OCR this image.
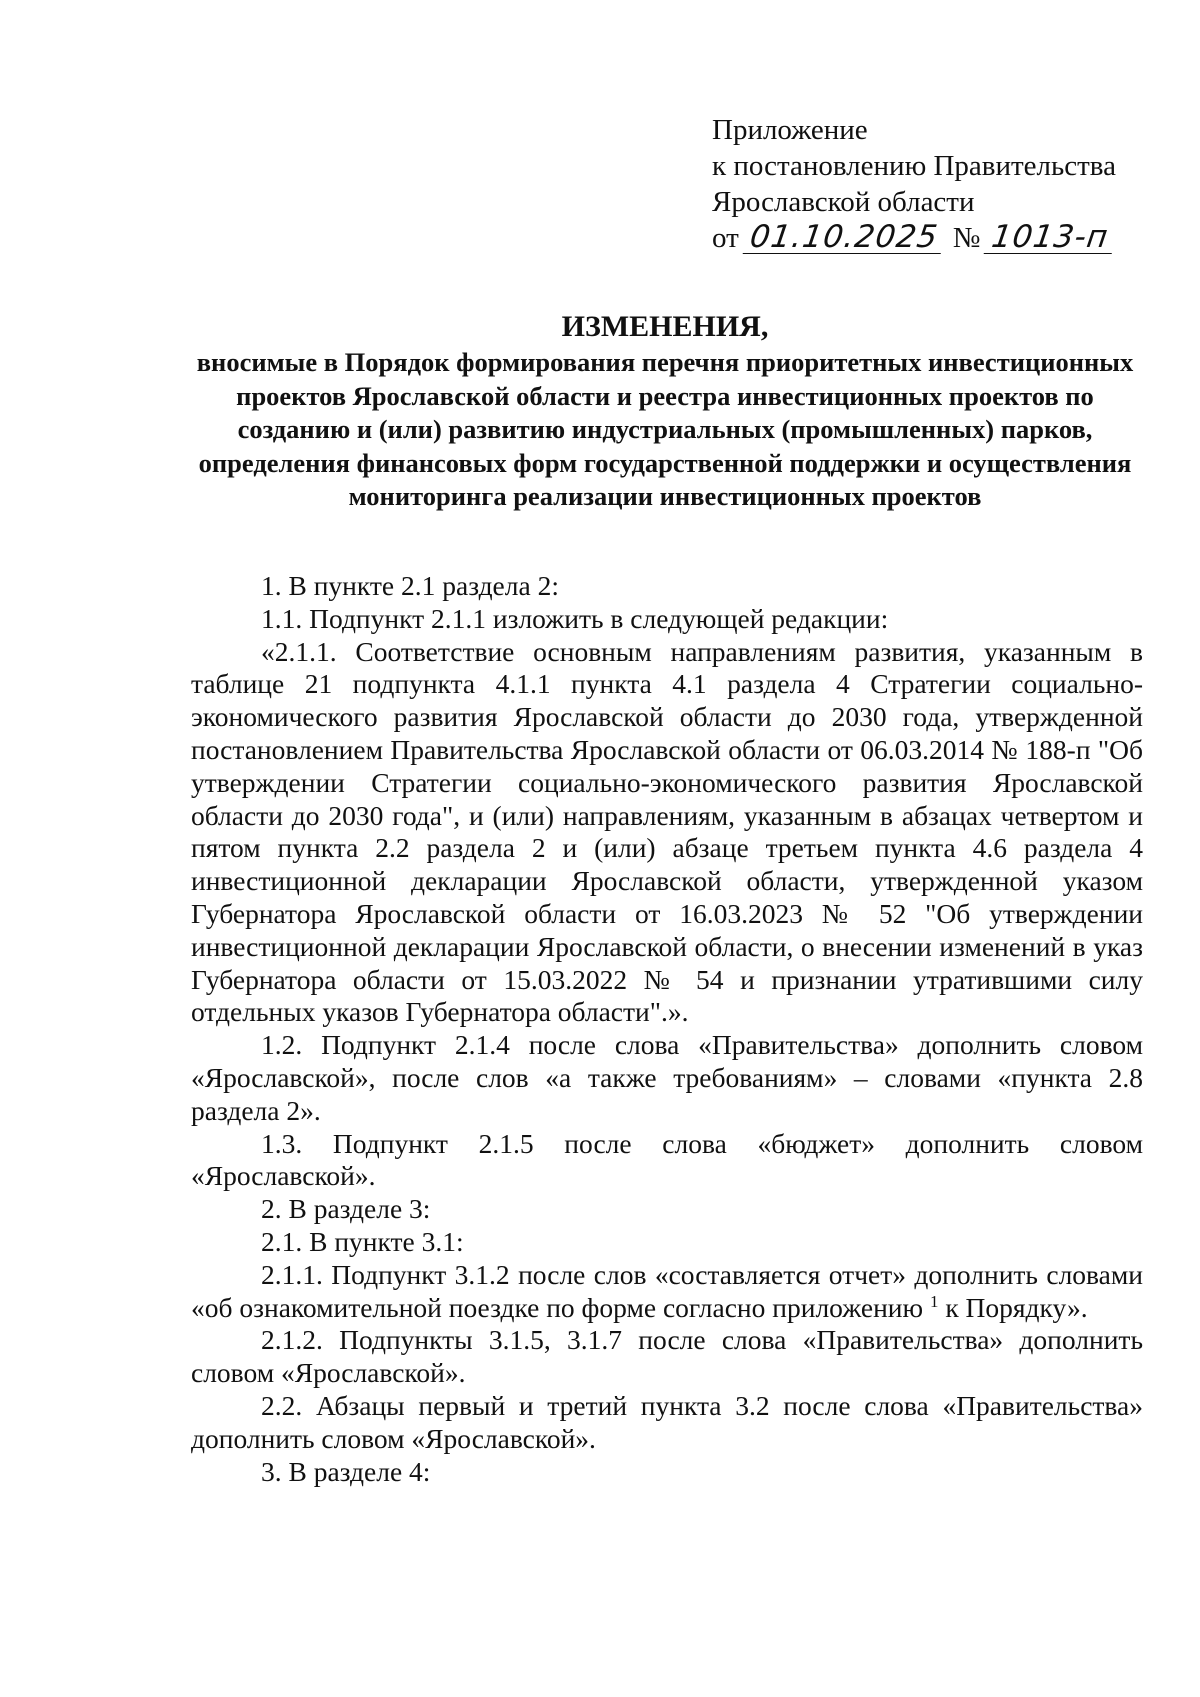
Приложение
к постановлению Правительства
Ярославской области
от 01.10.2025 № 1013-п
ИЗМЕНЕНИЯ,
вносимые в Порядок формирования перечня приоритетных инвестиционных проектов Ярославской области и реестра инвестиционных проектов по созданию и (или) развитию индустриальных (промышленных) парков, определения финансовых форм государственной поддержки и осуществления мониторинга реализации инвестиционных проектов

1. В пункте 2.1 раздела 2:

1.1. Подпункт 2.1.1 изложить в следующей редакции:

«2.1.1. Соответствие основным направлениям развития, указанным в таблице 21 подпункта 4.1.1 пункта 4.1 раздела 4 Стратегии социально-экономического развития Ярославской области до 2030 года, утвержденной постановлением Правительства Ярославской области от 06.03.2014 № 188-п "Об утверждении Стратегии социально-экономического развития Ярославской области до 2030 года", и (или) направлениям, указанным в абзацах четвертом и пятом пункта 2.2 раздела 2 и (или) абзаце третьем пункта 4.6 раздела 4 инвестиционной декларации Ярославской области, утвержденной указом Губернатора Ярославской области от 16.03.2023 № 52 "Об утверждении инвестиционной декларации Ярославской области, о внесении изменений в указ Губернатора области от 15.03.2022 № 54 и признании утратившими силу отдельных указов Губернатора области".».

1.2. Подпункт 2.1.4 после слова «Правительства» дополнить словом «Ярославской», после слов «а также требованиям» – словами «пункта 2.8 раздела 2».

1.3. Подпункт 2.1.5 после слова «бюджет» дополнить словом «Ярославской».

2. В разделе 3:

2.1. В пункте 3.1:

2.1.1. Подпункт 3.1.2 после слов «составляется отчет» дополнить словами «об ознакомительной поездке по форме согласно приложению $^1$ к Порядку».

2.1.2. Подпункты 3.1.5, 3.1.7 после слова «Правительства» дополнить словом «Ярославской».

2.2. Абзацы первый и третий пункта 3.2 после слова «Правительства» дополнить словом «Ярославской».

3. В разделе 4:
